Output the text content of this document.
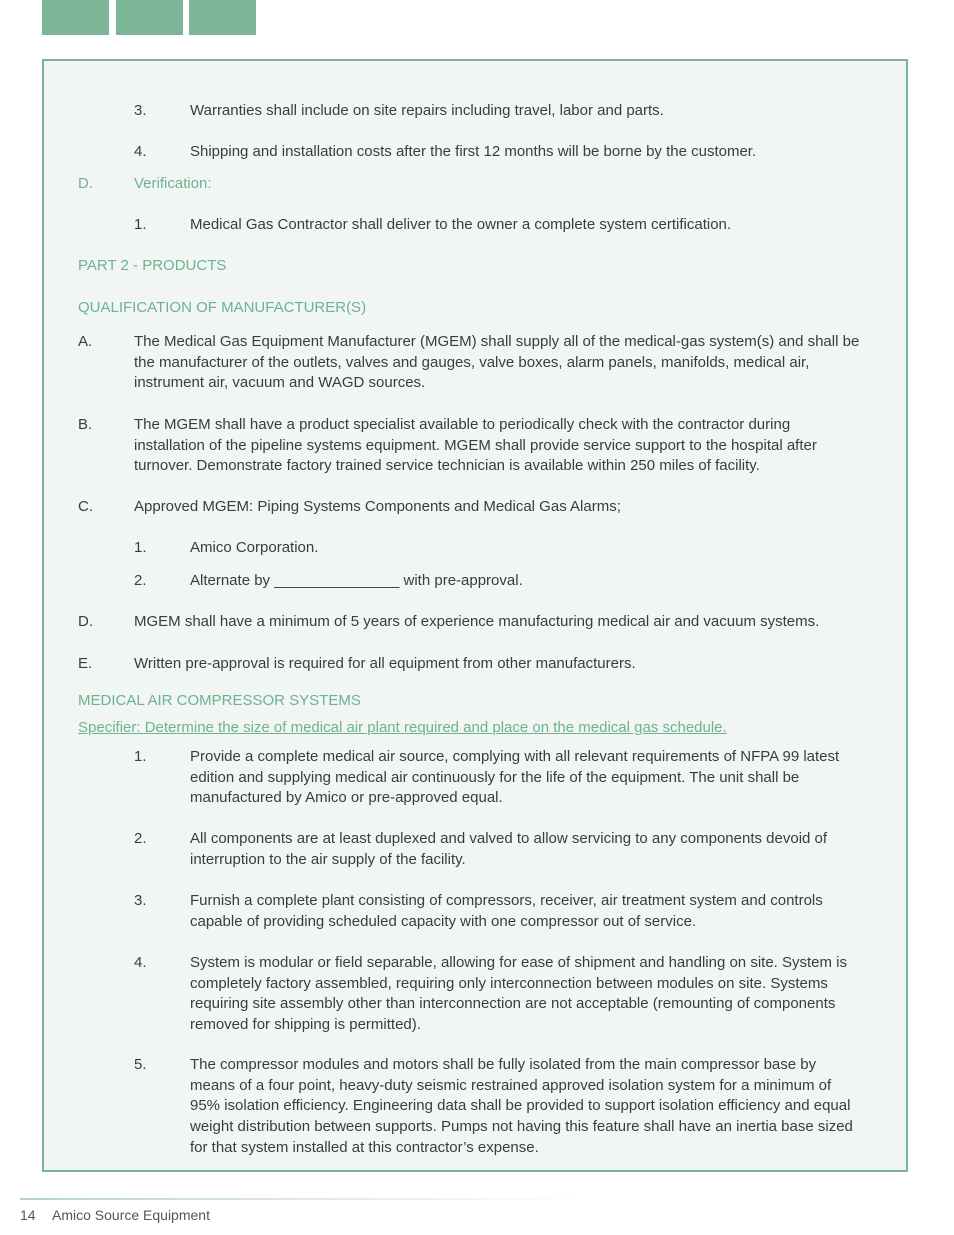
3.	Warranties shall include on site repairs including travel, labor and parts.
4.	Shipping and installation costs after the first 12 months will be borne by the customer.
D.	Verification:
1.	Medical Gas Contractor shall deliver to the owner a complete system certification.
PART 2 - PRODUCTS
QUALIFICATION OF MANUFACTURER(S)
A.	The Medical Gas Equipment Manufacturer (MGEM) shall supply all of the medical-gas system(s) and shall be the manufacturer of the outlets, valves and gauges, valve boxes, alarm panels, manifolds, medical air, instrument air, vacuum and WAGD sources.
B.	The MGEM shall have a product specialist available to periodically check with the contractor during installation of the pipeline systems equipment. MGEM shall provide service support to the hospital after turnover. Demonstrate factory trained service technician is available within 250 miles of facility.
C.	Approved MGEM: Piping Systems Components and Medical Gas Alarms;
1.	Amico Corporation.
2.	Alternate by _______________ with pre-approval.
D.	MGEM shall have a minimum of 5 years of experience manufacturing medical air and vacuum systems.
E.	Written pre-approval is required for all equipment from other manufacturers.
MEDICAL AIR COMPRESSOR SYSTEMS
Specifier: Determine the size of medical air plant required and place on the medical gas schedule.
1.	Provide a complete medical air source, complying with all relevant requirements of NFPA 99 latest edition and supplying medical air continuously for the life of the equipment. The unit shall be manufactured by Amico or pre-approved equal.
2.	All components are at least duplexed and valved to allow servicing to any components devoid of interruption to the air supply of the facility.
3.	Furnish a complete plant consisting of compressors, receiver, air treatment system and controls capable of providing scheduled capacity with one compressor out of service.
4.	System is modular or field separable, allowing for ease of shipment and handling on site. System is completely factory assembled, requiring only interconnection between modules on site. Systems requiring site assembly other than interconnection are not acceptable (remounting of components removed for shipping is permitted).
5.	The compressor modules and motors shall be fully isolated from the main compressor base by means of a four point, heavy-duty seismic restrained approved isolation system for a minimum of 95% isolation efficiency. Engineering data shall be provided to support isolation efficiency and equal weight distribution between supports. Pumps not having this feature shall have an inertia base sized for that system installed at this contractor’s expense.
14 Amico Source Equipment
